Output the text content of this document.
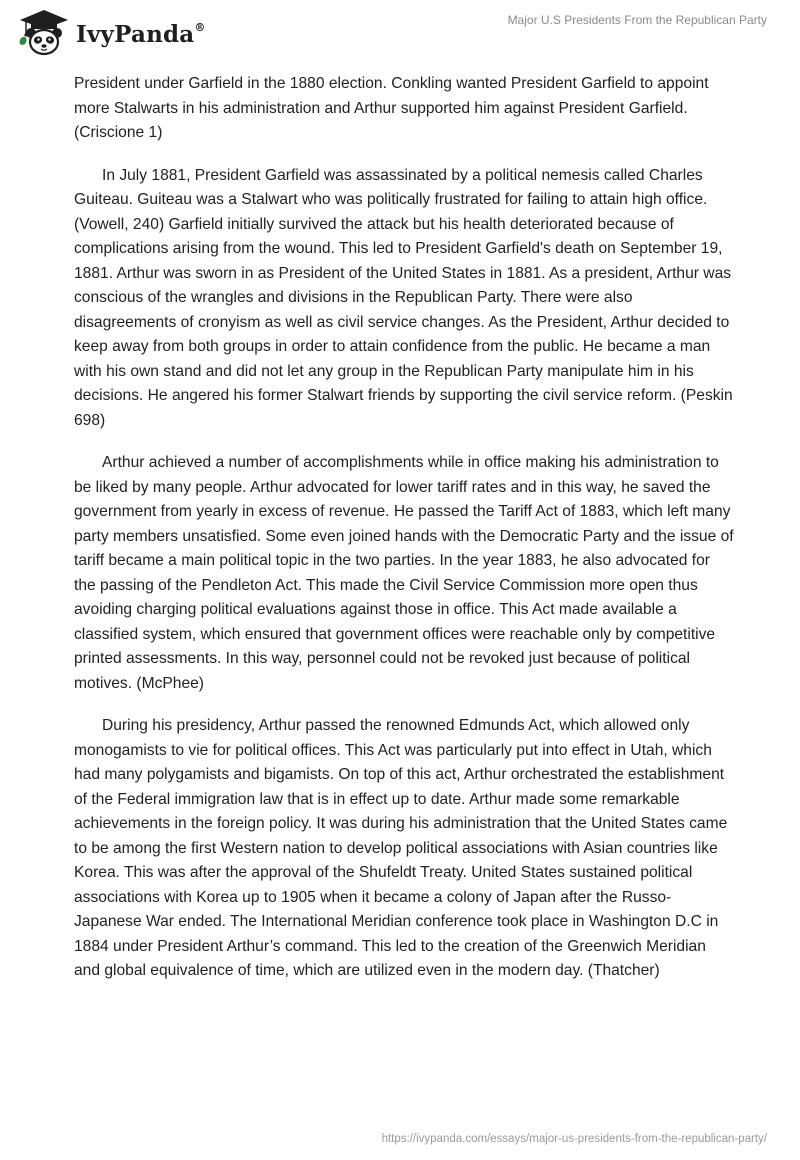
IvyPanda®
Major U.S Presidents From the Republican Party

President under Garfield in the 1880 election. Conkling wanted President Garfield to appoint more Stalwarts in his administration and Arthur supported him against President Garfield. (Criscione 1)

In July 1881, President Garfield was assassinated by a political nemesis called Charles Guiteau. Guiteau was a Stalwart who was politically frustrated for failing to attain high office. (Vowell, 240) Garfield initially survived the attack but his health deteriorated because of complications arising from the wound. This led to President Garfield's death on September 19, 1881. Arthur was sworn in as President of the United States in 1881. As a president, Arthur was conscious of the wrangles and divisions in the Republican Party. There were also disagreements of cronyism as well as civil service changes. As the President, Arthur decided to keep away from both groups in order to attain confidence from the public. He became a man with his own stand and did not let any group in the Republican Party manipulate him in his decisions. He angered his former Stalwart friends by supporting the civil service reform. (Peskin 698)

Arthur achieved a number of accomplishments while in office making his administration to be liked by many people. Arthur advocated for lower tariff rates and in this way, he saved the government from yearly in excess of revenue. He passed the Tariff Act of 1883, which left many party members unsatisfied. Some even joined hands with the Democratic Party and the issue of tariff became a main political topic in the two parties. In the year 1883, he also advocated for the passing of the Pendleton Act. This made the Civil Service Commission more open thus avoiding charging political evaluations against those in office. This Act made available a classified system, which ensured that government offices were reachable only by competitive printed assessments. In this way, personnel could not be revoked just because of political motives. (McPhee)

During his presidency, Arthur passed the renowned Edmunds Act, which allowed only monogamists to vie for political offices. This Act was particularly put into effect in Utah, which had many polygamists and bigamists. On top of this act, Arthur orchestrated the establishment of the Federal immigration law that is in effect up to date. Arthur made some remarkable achievements in the foreign policy. It was during his administration that the United States came to be among the first Western nation to develop political associations with Asian countries like Korea. This was after the approval of the Shufeldt Treaty. United States sustained political associations with Korea up to 1905 when it became a colony of Japan after the Russo-Japanese War ended. The International Meridian conference took place in Washington D.C in 1884 under President Arthur’s command. This led to the creation of the Greenwich Meridian and global equivalence of time, which are utilized even in the modern day. (Thatcher)

https://ivypanda.com/essays/major-us-presidents-from-the-republican-party/
